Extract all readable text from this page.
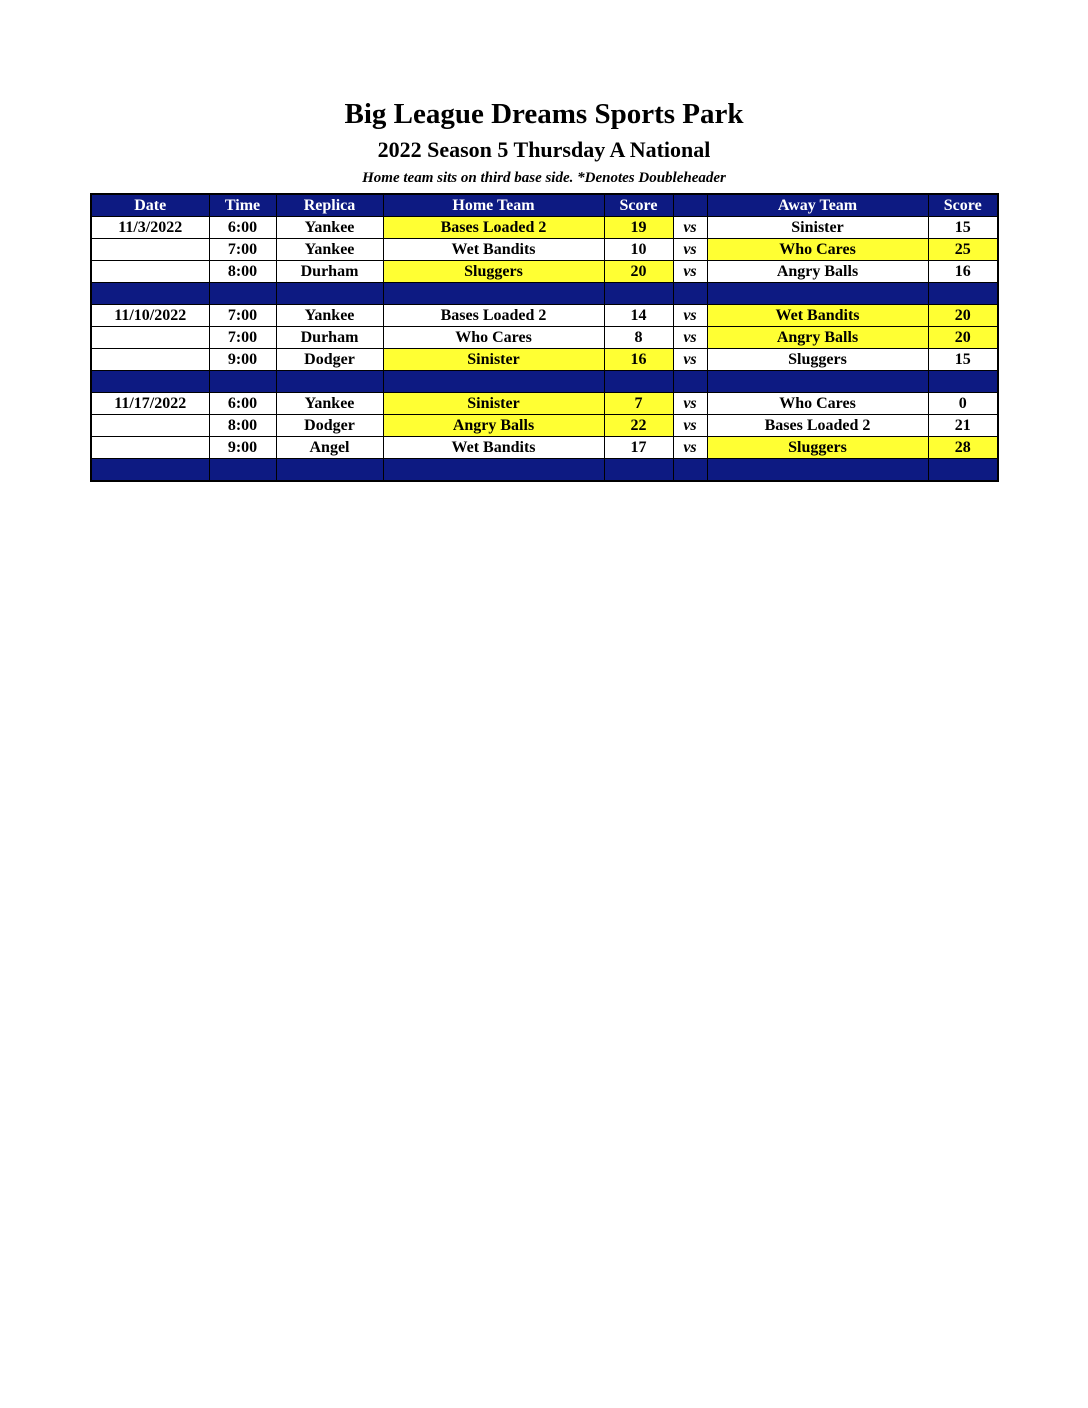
Big League Dreams Sports Park
2022 Season 5 Thursday A National
Home team sits on third base side. *Denotes Doubleheader
Date	Time	Replica	Home Team	Score		Away Team	Score
11/3/2022	6:00	Yankee	Bases Loaded 2	19	vs	Sinister	15
	7:00	Yankee	Wet Bandits	10	vs	Who Cares	25
	8:00	Durham	Sluggers	20	vs	Angry Balls	16

11/10/2022	7:00	Yankee	Bases Loaded 2	14	vs	Wet Bandits	20
	7:00	Durham	Who Cares	8	vs	Angry Balls	20
	9:00	Dodger	Sinister	16	vs	Sluggers	15

11/17/2022	6:00	Yankee	Sinister	7	vs	Who Cares	0
	8:00	Dodger	Angry Balls	22	vs	Bases Loaded 2	21
	9:00	Angel	Wet Bandits	17	vs	Sluggers	28
